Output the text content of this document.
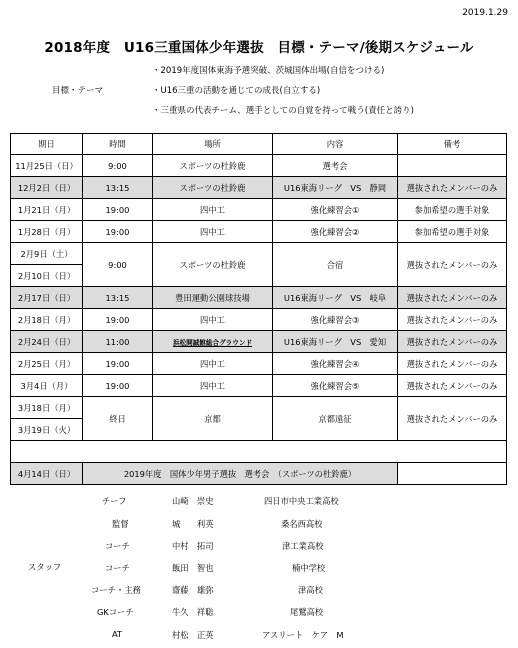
2019.1.29
2018年度　U16三重国体少年選抜　目標・テーマ/後期スケジュール
目標・テーマ
・2019年度国体東海予選突破、茨城国体出場(自信をつける)
・U16三重の活動を通じての成長(自立する)
・三重県の代表チーム、選手としての自覚を持って戦う(責任と誇り)
期日	時間	場所	内容	備考
11月25日（日）	9:00	スポーツの杜鈴鹿	選考会	
12月2日（日）	13:15	スポーツの杜鈴鹿	U16東海リーグ　VS　静岡	選抜されたメンバーのみ
1月21日（月）	19:00	四中工	強化練習会①	参加希望の選手対象
1月28日（月）	19:00	四中工	強化練習会②	参加希望の選手対象
2月9日（土）	9:00	スポーツの杜鈴鹿	合宿	選抜されたメンバーのみ
2月10日（日）				
2月17日（日）	13:15	豊田運動公園球技場	U16東海リーグ　VS　岐阜	選抜されたメンバーのみ
2月18日（月）	19:00	四中工	強化練習会③	選抜されたメンバーのみ
2月24日（日）	11:00	浜松開誠館総合グラウンド	U16東海リーグ　VS　愛知	選抜されたメンバーのみ
2月25日（月）	19:00	四中工	強化練習会④	選抜されたメンバーのみ
3月4日（月）	19:00	四中工	強化練習会⑤	選抜されたメンバーのみ
3月18日（月）	終日	京都	京都遠征	選抜されたメンバーのみ
3月19日（火）				

4月14日（日）	2019年度　国体少年男子選抜　選考会　（スポーツの杜鈴鹿）			
スタッフ
チーフ	山崎　崇史	四日市中央工業高校
監督	城　　利英	桑名西高校
コーチ	中村　拓司	津工業高校
コーチ	飯田　智也	楠中学校
コーチ・主務	齋藤　雄弥	津高校
GKコーチ	牛久　祥聡	尾鷲高校
AT	村松　正英	アスリート　ケア　M
